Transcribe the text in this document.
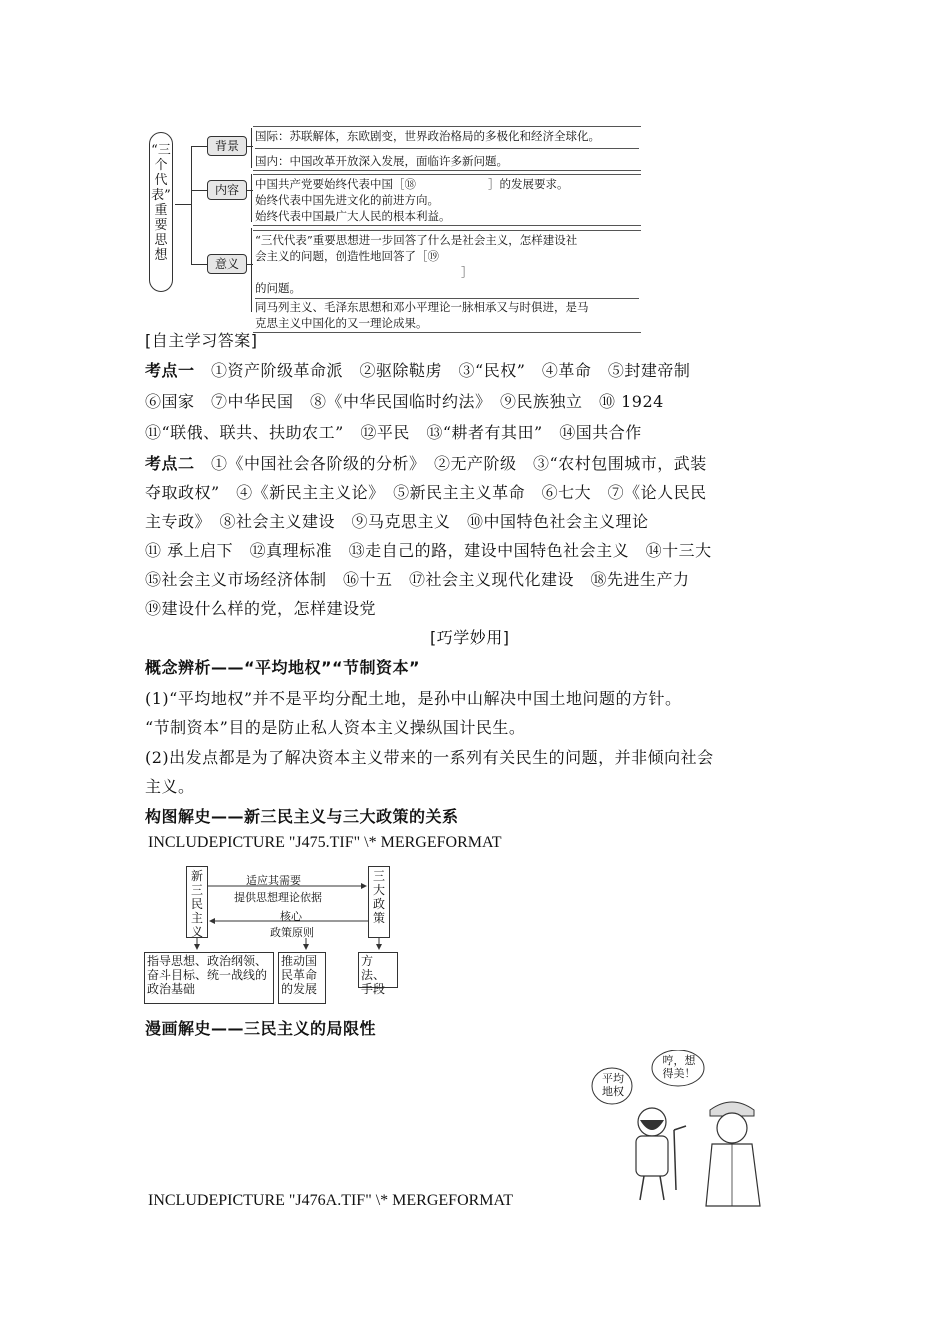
“三
个
代
表”
重
要
思
想
背景
内容
意义
国际：苏联解体，东欧剧变，世界政治格局的多极化和经济全球化。
国内：中国改革开放深入发展，面临许多新问题。
中国共产党要始终代表中国［⑱	］的发展要求。
始终代表中国先进文化的前进方向。
始终代表中国最广大人民的根本利益。
“三代代表”重要思想进一步回答了什么是社会主义，怎样建设社
会主义的问题，创造性地回答了［⑲］
的问题。
同马列主义、毛泽东思想和邓小平理论一脉相承又与时俱进，是马
克思主义中国化的又一理论成果。
[自主学习答案]
考点一　 ①资产阶级革命派　②驱除鞑虏　③“民权”　④革命　⑤封建帝制
⑥国家　⑦中华民国　⑧《中华民国临时约法》　⑨民族独立　⑩ 1924
⑪“联俄、联共、扶助农工”　⑫平民　⑬“耕者有其田”　⑭国共合作
考点二　 ①《中国社会各阶级的分析》　②无产阶级　③“农村包围城市，武装
夺取政权”　④《新民主主义论》　⑤新民主主义革命　⑥七大　⑦《论人民民
主专政》　⑧社会主义建设　⑨马克思主义　⑩中国特色社会主义理论
⑪ 承上启下　⑫真理标准　⑬走自己的路，建设中国特色社会主义　⑭十三大
⑮社会主义市场经济体制　⑯十五　⑰社会主义现代化建设　⑱先进生产力
⑲建设什么样的党，怎样建设党
[巧学妙用]
概念辨析——“平均地权”“节制资本”
(1)“平均地权”并不是平均分配土地，是孙中山解决中国土地问题的方针。
“节制资本”目的是防止私人资本主义操纵国计民生。
(2)出发点都是为了解决资本主义带来的一系列有关民生的问题，并非倾向社会
主义。
构图解史——新三民主义与三大政策的关系
INCLUDEPICTURE "J475.TIF" \* MERGEFORMAT
新三民主义
三大政策
适应其需要
提供思想理论依据
核心
政策原则
指导思想、政治纲领、奋斗目标、统一战线的政治基础
推动国民革命的发展
方法、手段
漫画解史——三民主义的局限性
平均地权
哼，想得美！
INCLUDEPICTURE "J476A.TIF" \* MERGEFORMAT
